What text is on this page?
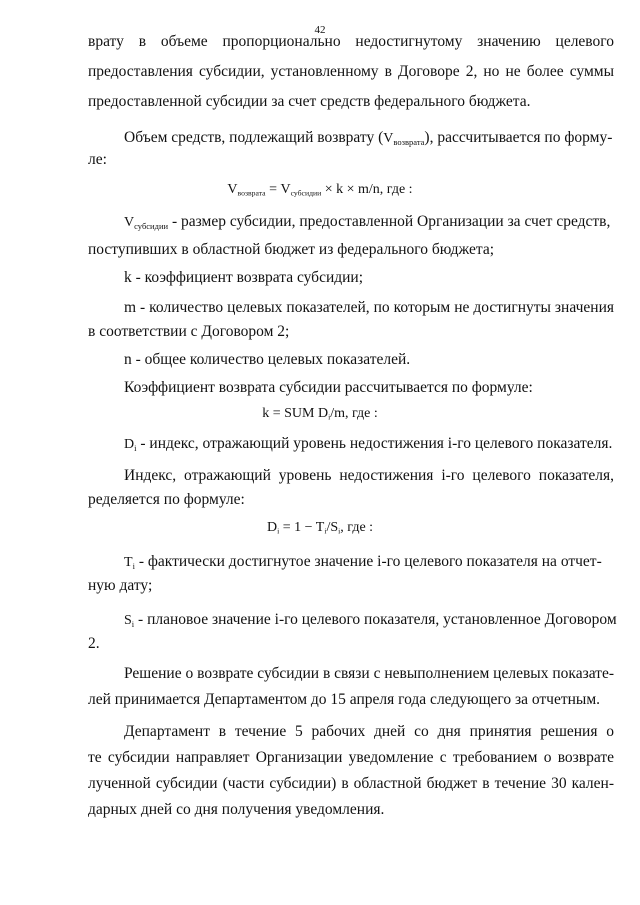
42
врату в объеме пропорционально недостигнутому значению целевого
предоставления субсидии, установленному в Договоре 2, но не более суммы
предоставленной субсидии за счет средств федерального бюджета.
Объем средств, подлежащий возврату $(V_{возврата})$, рассчитывается по форму-
ле:
$V_{возврата} = V_{субсидии} \times k \times m/n$, где :
$V_{субсидии}$ - размер субсидии, предоставленной Организации за счет средств,
поступивших в областной бюджет из федерального бюджета;
k - коэффициент возврата субсидии;
m - количество целевых показателей, по которым не достигнуты значения
в соответствии с Договором 2;
n - общее количество целевых показателей.
Коэффициент возврата субсидии рассчитывается по формуле:
k = SUM $D_i/m$, где :
$D_i$ - индекс, отражающий уровень недостижения i-го целевого показателя.
Индекс, отражающий уровень недостижения i-го целевого показателя,
ределяется по формуле:
$D_i = 1 - T_i/S_i$, где :
$T_i$ - фактически достигнутое значение i-го целевого показателя на отчет-
ную дату;
$S_i$ - плановое значение i-го целевого показателя, установленное Договором
2.
Решение о возврате субсидии в связи с невыполнением целевых показате-
лей принимается Департаментом до 15 апреля года следующего за отчетным.
Департамент в течение 5 рабочих дней со дня принятия решения о
те субсидии направляет Организации уведомление с требованием о возврате
лученной субсидии (части субсидии) в областной бюджет в течение 30 кален-
дарных дней со дня получения уведомления.
